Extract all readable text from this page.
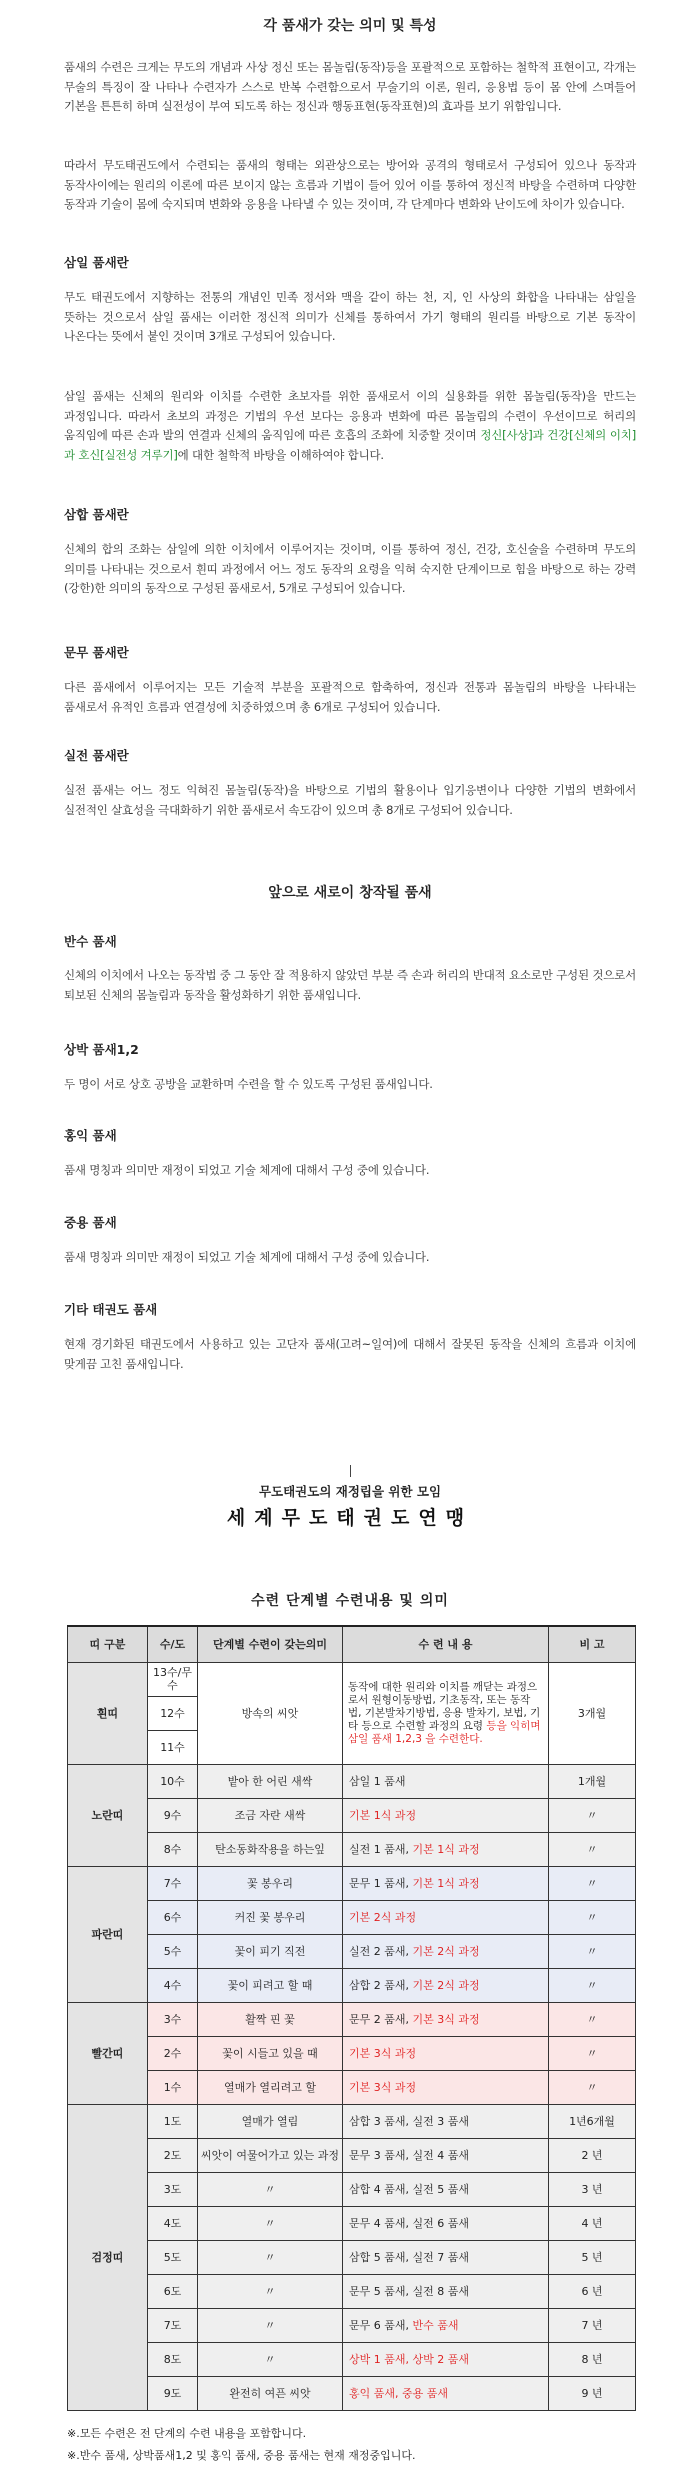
각 품새가 갖는 의미 및 특성
품새의 수련은 크게는 무도의 개념과 사상 정신 또는 몸놀림(동작)등을 포괄적으로 포함하는 철학적 표현이고, 각개는 무술의 특징이 잘 나타나 수련자가 스스로 반복 수련함으로서 무술기의 이론, 원리, 응용법 등이 몸 안에 스며들어 기본을 튼튼히 하며 실전성이 부여 되도록 하는 정신과 행동표현(동작표현)의 효과를 보기 위함입니다.
따라서 무도태권도에서 수련되는 품새의 형태는 외관상으로는 방어와 공격의 형태로서 구성되어 있으나 동작과 동작사이에는 원리의 이론에 따른 보이지 않는 흐름과 기법이 들어 있어 이를 통하여 정신적 바탕을 수련하며 다양한 동작과 기술이 몸에 숙지되며 변화와 응용을 나타낼 수 있는 것이며, 각 단계마다 변화와 난이도에 차이가 있습니다.
삼일 품새란
무도 태권도에서 지향하는 전통의 개념인 민족 정서와 맥을 같이 하는 천, 지, 인 사상의 화합을 나타내는 삼일을 뜻하는 것으로서 삼일 품새는 이러한 정신적 의미가 신체를 통하여서 가기 형태의 원리를 바탕으로 기본 동작이 나온다는 뜻에서 붙인 것이며 3개로 구성되어 있습니다.
삼일 품새는 신체의 원리와 이치를 수련한 초보자를 위한 품새로서 이의 실용화를 위한 몸놀림(동작)을 만드는 과정입니다. 따라서 초보의 과정은 기법의 우선 보다는 응용과 변화에 따른 몸놀림의 수련이 우선이므로 허리의 움직임에 따른 손과 발의 연결과 신체의 움직임에 따른 호흡의 조화에 치중할 것이며 정신[사상]과 건강[신체의 이치]과 호신[실전성 겨루기]에 대한 철학적 바탕을 이해하여야 합니다.
삼합 품새란
신체의 합의 조화는 삼일에 의한 이치에서 이루어지는 것이며, 이를 통하여 정신, 건강, 호신술을 수련하며 무도의 의미를 나타내는 것으로서 흰띠 과정에서 어느 정도 동작의 요령을 익혀 숙지한 단계이므로 힘을 바탕으로 하는 강력(강한)한 의미의 동작으로 구성된 품새로서, 5개로 구성되어 있습니다.
문무 품새란
다른 품새에서 이루어지는 모든 기술적 부분을 포괄적으로 함축하여, 정신과 전통과 몸놀림의 바탕을 나타내는 품새로서 유적인 흐름과 연결성에 치중하였으며 총 6개로 구성되어 있습니다.
실전 품새란
실전 품새는 어느 정도 익혀진 몸놀림(동작)을 바탕으로 기법의 활용이나 입기응변이나 다양한 기법의 변화에서 실전적인 살효성을 극대화하기 위한 품새로서 속도감이 있으며 총 8개로 구성되어 있습니다.
앞으로 새로이 창작될 품새
반수 품새
신체의 이치에서 나오는 동작법 중 그 동안 잘 적용하지 않았던 부분 즉 손과 허리의 반대적 요소로만 구성된 것으로서 퇴보된 신체의 몸놀림과 동작을 활성화하기 위한 품새입니다.
상박 품새1,2
두 명이 서로 상호 공방을 교환하며 수련을 할 수 있도록 구성된 품새입니다.
홍익 품새
품새 명칭과 의미만 재정이 되었고 기술 체계에 대해서 구성 중에 있습니다.
중용 품새
품새 명칭과 의미만 재정이 되었고 기술 체계에 대해서 구성 중에 있습니다.
기타 태권도 품새
현재 경기화된 태권도에서 사용하고 있는 고단자 품새(고려~일여)에 대해서 잘못된 동작을 신체의 흐름과 이치에 맞게끔 고친 품새입니다.
무도태권도의 재정립을 위한 모임
세계무도태권도연맹
수련 단계별 수련내용 및 의미
띠 구분	수/도	단계별 수련이 갖는의미	수 련 내 용	비 고
흰띠	13수/무수	방속의 씨앗	동작에 대한 원리와 이치를 깨닫는 과정으로서 원형이동방법, 기초동작, 또는 동작법, 기본발차기방법, 응용 발차기, 보법, 기타 등으로 수련할 과정의 요령 등을 익히며 삼일 품새 1,2,3 을 수련한다.	3개월
	12수			
	11수			
노란띠	10수	밭아 한 어린 새싹	삼일 1 품새	1개월
	9수	조금 자란 새싹	기본 1식 과정	〃
	8수	탄소동화작용을 하는잎	실전 1 품새, 기본 1식 과정	〃
파란띠	7수	꽃 봉우리	문무 1 품새, 기본 1식 과정	〃
	6수	커진 꽃 봉우리	기본 2식 과정	〃
	5수	꽃이 피기 직전	실전 2 품새, 기본 2식 과정	〃
	4수	꽃이 피려고 할 때	삼합 2 품새, 기본 2식 과정	〃
빨간띠	3수	활짝 핀 꽃	문무 2 품새, 기본 3식 과정	〃
	2수	꽃이 시들고 있을 때	기본 3식 과정	〃
	1수	열매가 열리려고 할	기본 3식 과정	〃
검정띠	1도	열매가 열림	삼합 3 품새, 실전 3 품새	1년6개월
	2도	씨앗이 여물어가고 있는 과정	문무 3 품새, 실전 4 품새	2 년
	3도	〃	삼합 4 품새, 실전 5 품새	3 년
	4도	〃	문무 4 품새, 실전 6 품새	4 년
	5도	〃	삼합 5 품새, 실전 7 품새	5 년
	6도	〃	문무 5 품새, 실전 8 품새	6 년
	7도	〃	문무 6 품새, 반수 품새	7 년
	8도	〃	상박 1 품새, 상박 2 품새	8 년
	9도	완전히 여픈 씨앗	홍익 품새, 중용 품새	9 년
※.모든 수련은 전 단계의 수련 내용을 포함합니다.
※.반수 품새, 상박품새1,2 및 홍익 품새, 중용 품새는 현재 재정중입니다.
